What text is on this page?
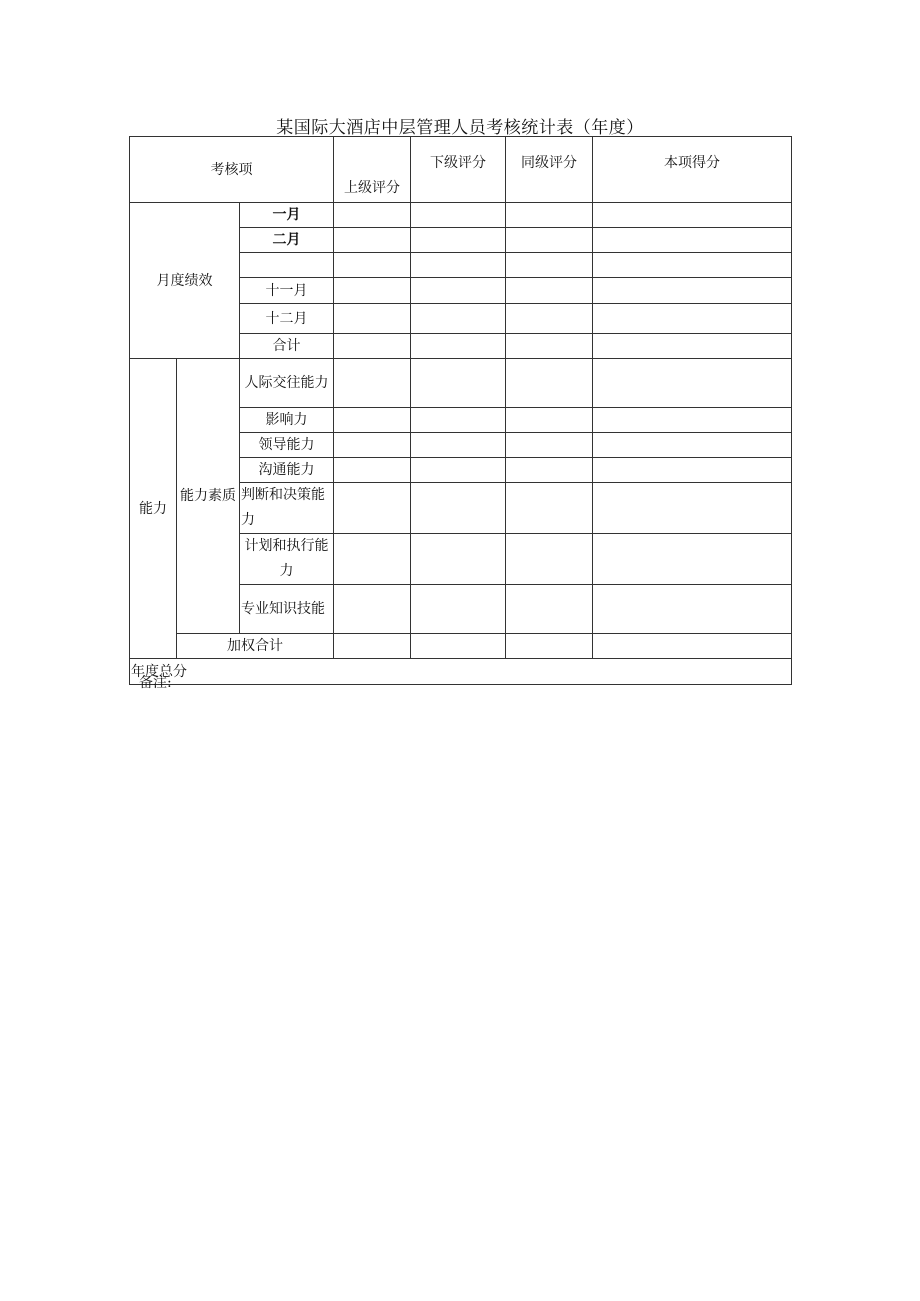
某国际大酒店中层管理人员考核统计表（年度）
考核项			上级评分	下级评分	同级评分	本项得分
月度绩效		一月				
		二月				

		十一月				
		十二月				
		合计				
能力	能力素质	人际交往能力				
		影响力				
		领导能力				
		沟通能力				
		判断和决策能力				
		计划和执行能力				
		专业知识技能				
	加权合计					
年度总分						
备注:
